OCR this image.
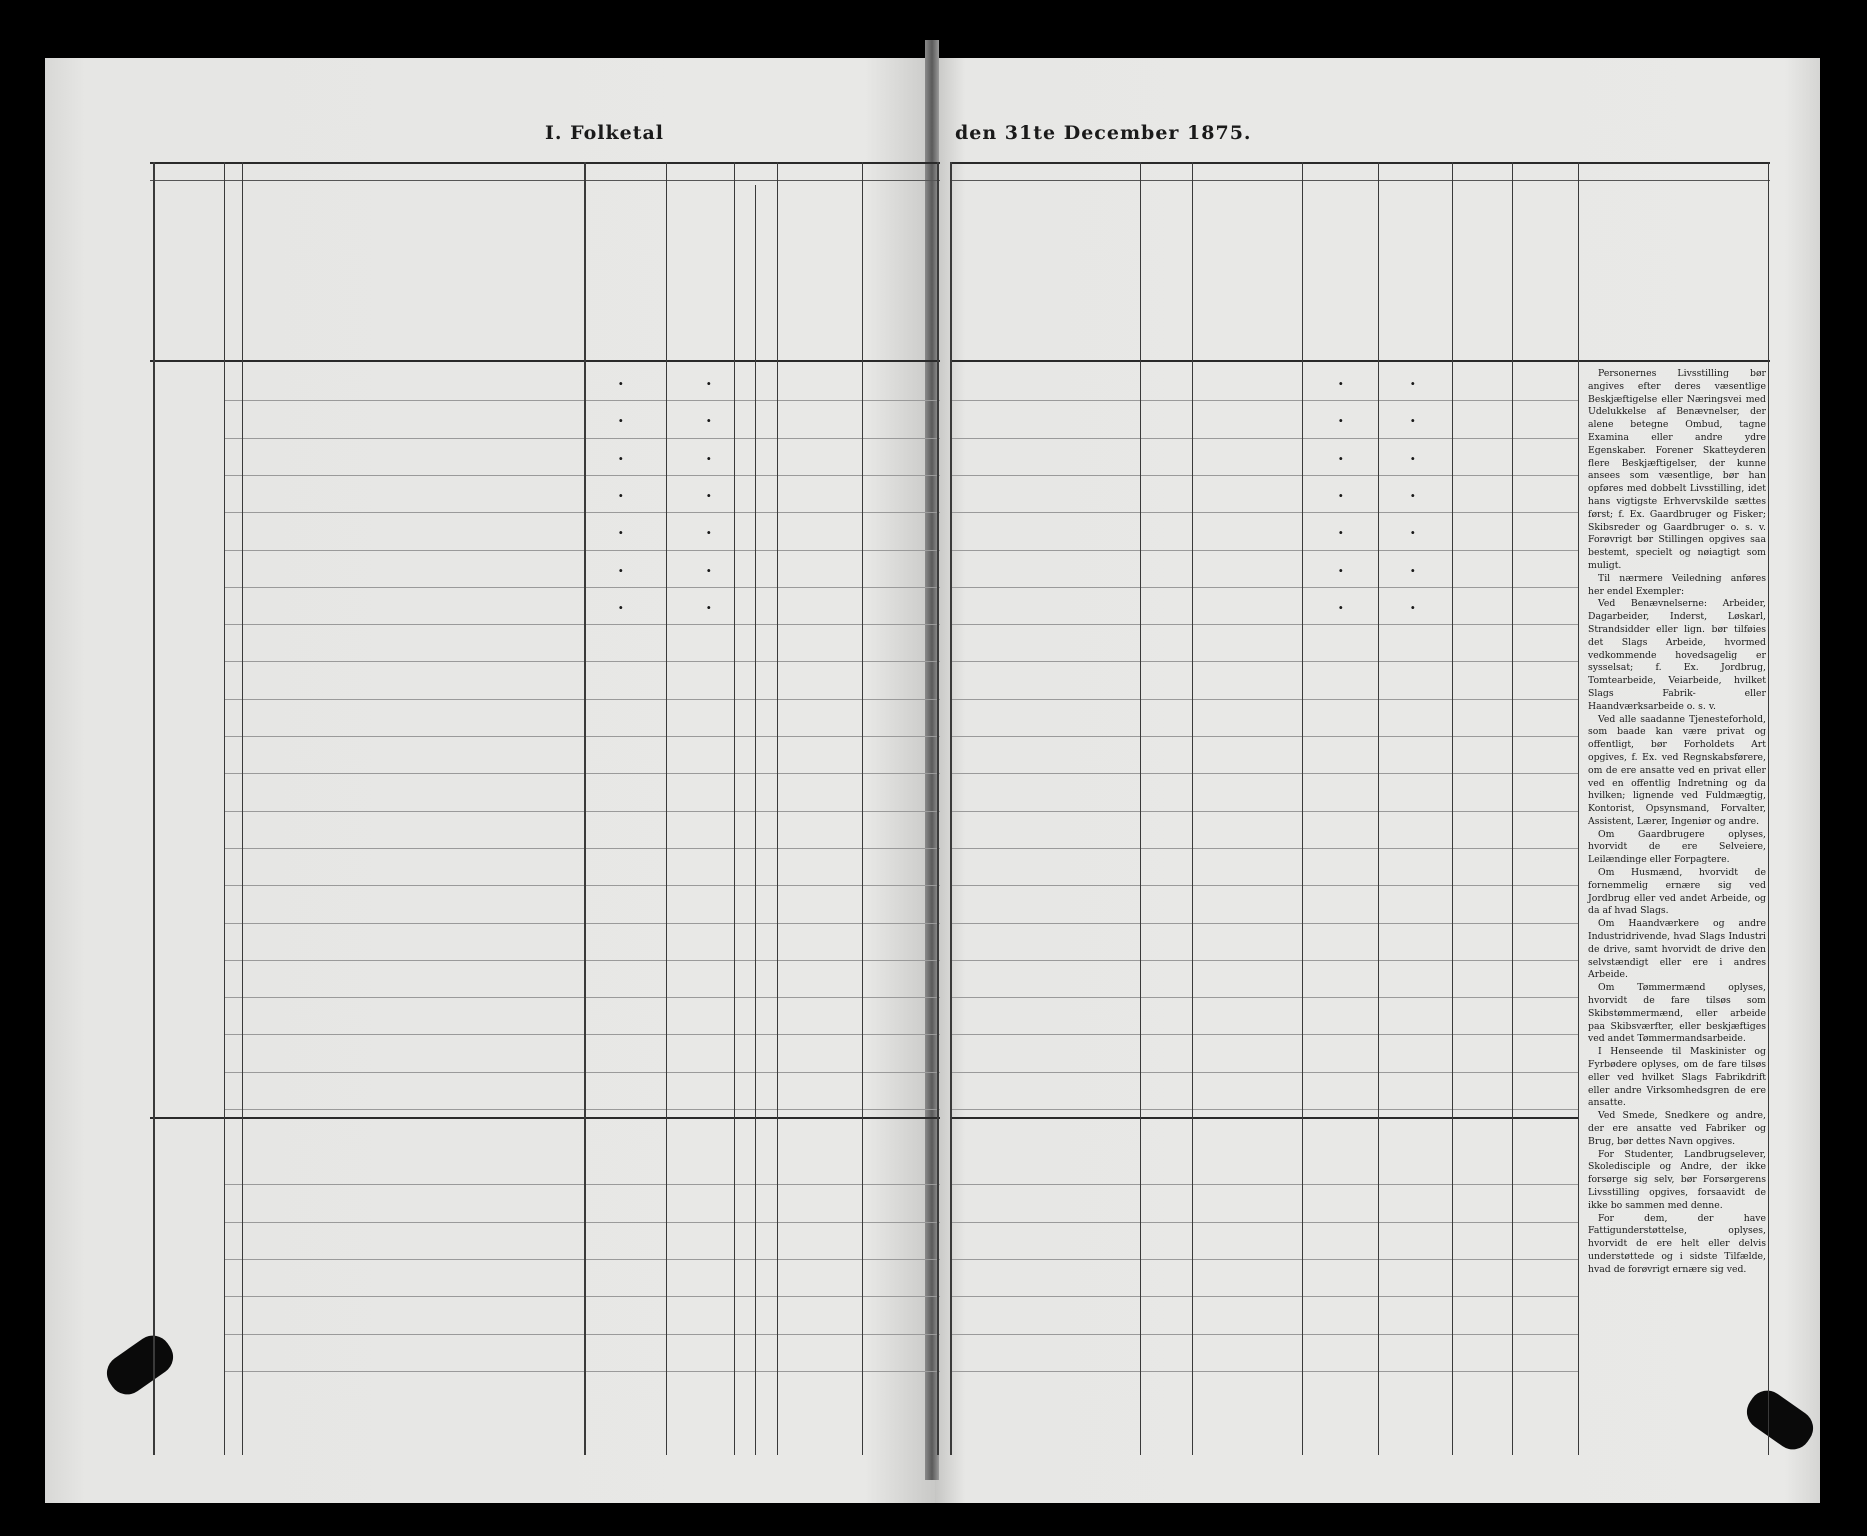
I. Folketal	den 31te December 1875.
.	.	.	.
.	.	.	.
.	.	.	.
.	.	.	.
.	.	.	.
.	.	.	.
.	.	.	.

Personernes Livsstilling bør angives efter deres væsentlige Beskjæftigelse eller Næringsvei med Udelukkelse af Benævnelser, der alene betegne Ombud, tagne Examina eller andre ydre Egenskaber. Forener Skatteyderen flere Beskjæftigelser, der kunne ansees som væsentlige, bør han opføres med dobbelt Livsstilling, idet hans vigtigste Erhvervskilde sættes først; f. Ex. Gaardbruger og Fisker; Skibsreder og Gaardbruger o. s. v. Forøvrigt bør Stillingen opgives saa bestemt, specielt og nøiagtigt som muligt.

Til nærmere Veiledning anføres her endel Exempler:

Ved Benævnelserne: Arbeider, Dagarbeider, Inderst, Løskarl, Strandsidder eller lign. bør tilføies det Slags Arbeide, hvormed vedkommende hovedsagelig er sysselsat; f. Ex. Jordbrug, Tomtearbeide, Veiarbeide, hvilket Slags Fabrik- eller Haandværksarbeide o. s. v.

Ved alle saadanne Tjenesteforhold, som baade kan være privat og offentligt, bør Forholdets Art opgives, f. Ex. ved Regnskabsførere, om de ere ansatte ved en privat eller ved en offentlig Indretning og da hvilken; lignende ved Fuldmægtig, Kontorist, Opsynsmand, Forvalter, Assistent, Lærer, Ingeniør og andre.

Om Gaardbrugere oplyses, hvorvidt de ere Selveiere, Leilændinge eller Forpagtere.

Om Husmænd, hvorvidt de fornemmelig ernære sig ved Jordbrug eller ved andet Arbeide, og da af hvad Slags.

Om Haandværkere og andre Industridrivende, hvad Slags Industri de drive, samt hvorvidt de drive den selvstændigt eller ere i andres Arbeide.

Om Tømmermænd oplyses, hvorvidt de fare tilsøs som Skibstømmermænd, eller arbeide paa Skibsværfter, eller beskjæftiges ved andet Tømmermandsarbeide.

I Henseende til Maskinister og Fyrbødere oplyses, om de fare tilsøs eller ved hvilket Slags Fabrikdrift eller andre Virksomhedsgren de ere ansatte.

Ved Smede, Snedkere og andre, der ere ansatte ved Fabriker og Brug, bør dettes Navn opgives.

For Studenter, Landbrugselever, Skoledisciple og Andre, der ikke forsørge sig selv, bør Forsørgerens Livsstilling opgives, forsaavidt de ikke bo sammen med denne.

For dem, der have Fattigunderstøttelse, oplyses, hvorvidt de ere helt eller delvis understøttede og i sidste Tilfælde, hvad de forøvrigt ernære sig ved.
